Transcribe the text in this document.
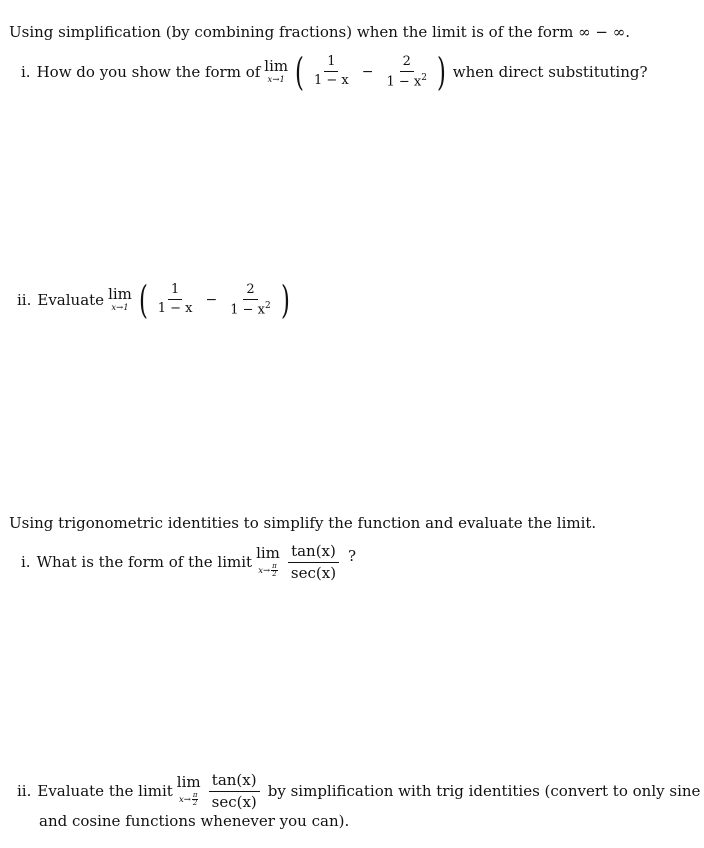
Using simplification (by combining fractions) when the limit is of the form ∞ − ∞.
i. How do you show the form of lim
x→1 ( $\frac{1}{1 - x} - \frac{2}{1 - x^2}$ ) when direct substituting?
ii. Evaluate lim
x→1 ( $\frac{1}{1 - x} - \frac{2}{1 - x^2}$ )
Using trigonometric identities to simplify the function and evaluate the limit.
i. What is the form of the limit lim
$x\to \frac{\pi}{2} \frac{\tan(x)}{\sec(x)}$ ?
ii. Evaluate the limit lim
$x\to \frac{\pi}{2} \frac{\tan(x)}{\sec(x)}$ by simplification with trig identities (convert to only sine
and cosine functions whenever you can).
